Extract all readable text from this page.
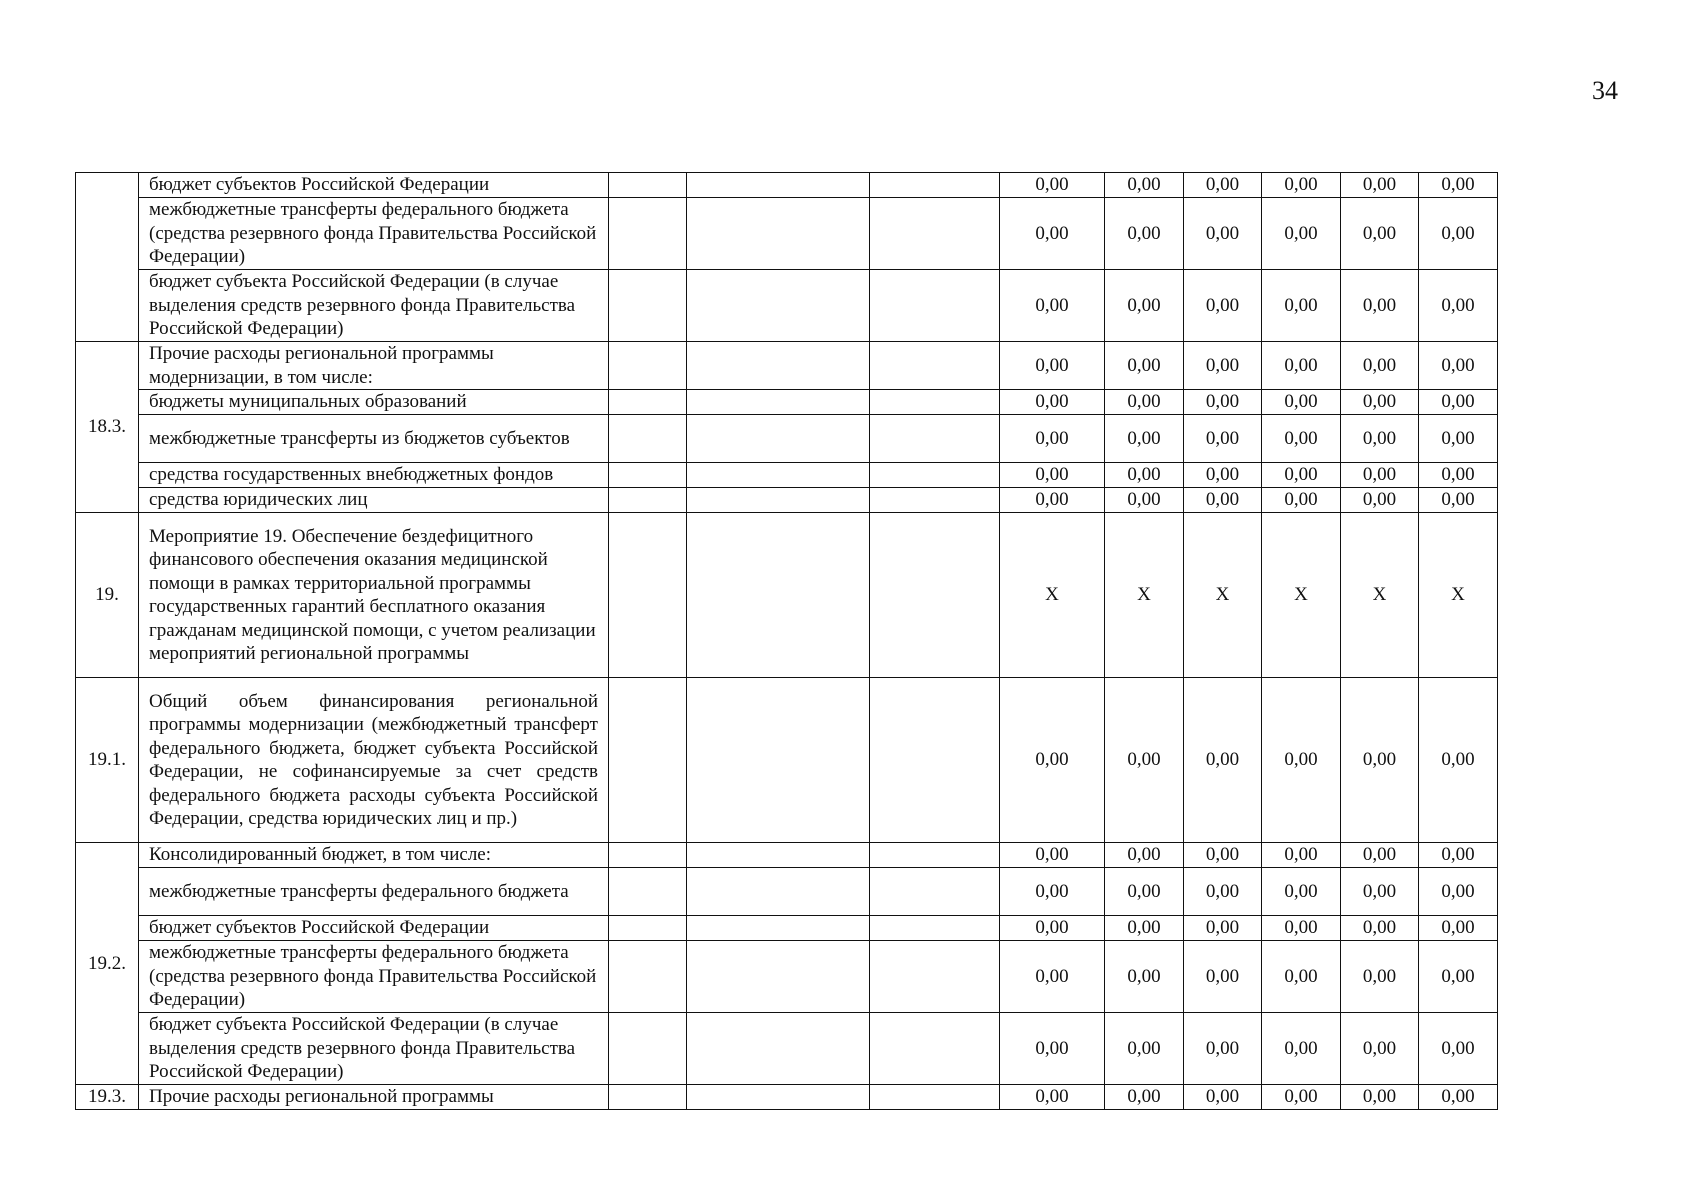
34
	бюджет субъектов Российской Федерации				0,00	0,00	0,00	0,00	0,00	0,00
	межбюджетные трансферты федерального бюджета (средства резервного фонда Правительства Российской Федерации)				0,00	0,00	0,00	0,00	0,00	0,00
	бюджет субъекта Российской Федерации (в случае выделения средств резервного фонда Правительства Российской Федерации)				0,00	0,00	0,00	0,00	0,00	0,00
18.3.	Прочие расходы региональной программы модернизации, в том числе:				0,00	0,00	0,00	0,00	0,00	0,00
	бюджеты муниципальных образований				0,00	0,00	0,00	0,00	0,00	0,00
	межбюджетные трансферты из бюджетов субъектов				0,00	0,00	0,00	0,00	0,00	0,00
	средства государственных внебюджетных фондов				0,00	0,00	0,00	0,00	0,00	0,00
	средства юридических лиц				0,00	0,00	0,00	0,00	0,00	0,00
19.	Мероприятие 19. Обеспечение бездефицитного финансового обеспечения оказания медицинской помощи в рамках территориальной программы государственных гарантий бесплатного оказания гражданам медицинской помощи, с учетом реализации мероприятий региональной программы				Х	Х	Х	Х	Х	Х
19.1.	Общий объем финансирования региональной программы модернизации (межбюджетный трансферт федерального бюджета, бюджет субъекта Российской Федерации, не софинансируемые за счет средств федерального бюджета расходы субъекта Российской Федерации, средства юридических лиц и пр.)				0,00	0,00	0,00	0,00	0,00	0,00
19.2.	Консолидированный бюджет, в том числе:				0,00	0,00	0,00	0,00	0,00	0,00
	межбюджетные трансферты федерального бюджета				0,00	0,00	0,00	0,00	0,00	0,00
	бюджет субъектов Российской Федерации				0,00	0,00	0,00	0,00	0,00	0,00
	межбюджетные трансферты федерального бюджета (средства резервного фонда Правительства Российской Федерации)				0,00	0,00	0,00	0,00	0,00	0,00
	бюджет субъекта Российской Федерации (в случае выделения средств резервного фонда Правительства Российской Федерации)				0,00	0,00	0,00	0,00	0,00	0,00
19.3.	Прочие расходы региональной программы				0,00	0,00	0,00	0,00	0,00	0,00
